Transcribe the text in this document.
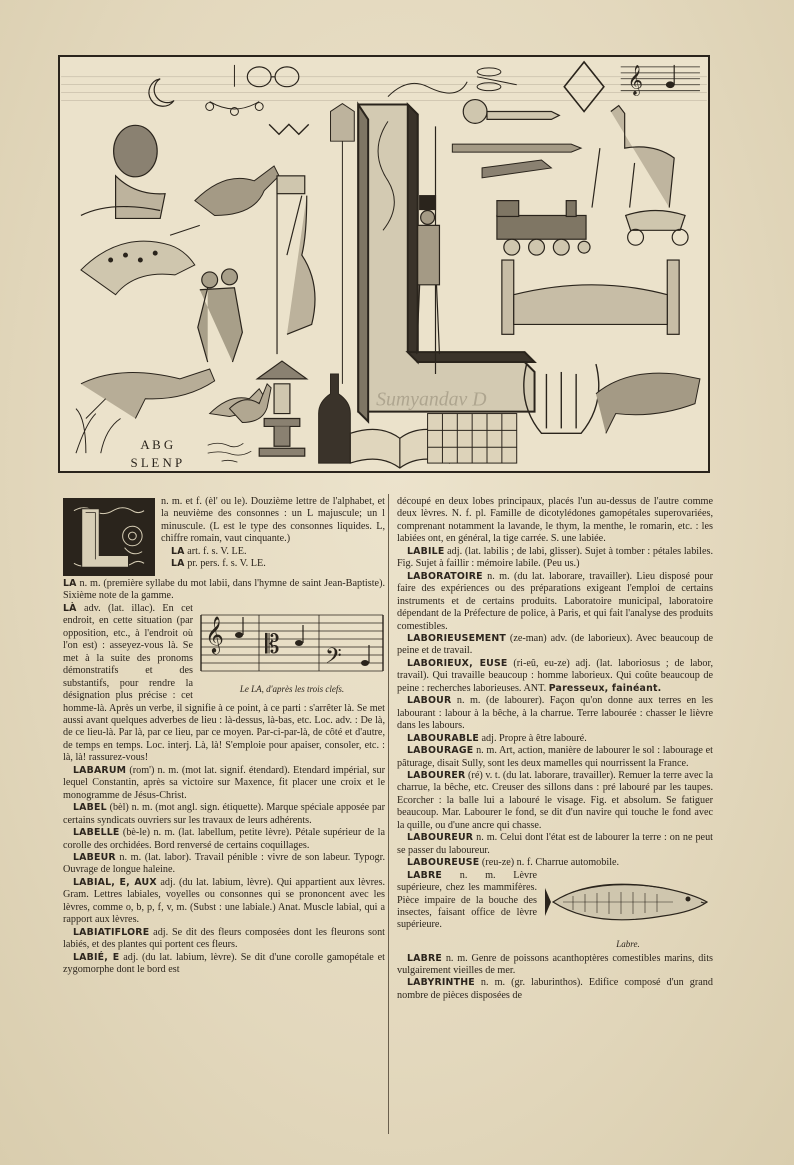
𝄞
A B G
S L E N P
Sumyandav D

n. m. et f. (èl' ou le). Douzième lettre de l'alphabet, et la neuvième des consonnes : un L majuscule; un l minuscule. (L est le type des consonnes liquides. L, chiffre romain, vaut cinquante.)

LA art. f. s. V. LE.

LA pr. pers. f. s. V. LE.

LA n. m. (première syllabe du mot labii, dans l'hymne de saint Jean-Baptiste). Sixième note de la gamme.

𝄞 𝄡 𝄢
Le LA, d'après les trois clefs.

LÀ adv. (lat. illac). En cet endroit, en cette situation (par opposition, etc., à l'endroit où l'on est) : asseyez-vous là. Se met à la suite des pronoms démonstratifs et des substantifs, pour rendre la désignation plus précise : cet homme-là. Après un verbe, il signifie à ce point, à ce parti : s'arrêter là. Se met aussi avant quelques adverbes de lieu : là-dessus, là-bas, etc. Loc. adv. : De là, de ce lieu-là. Par là, par ce lieu, par ce moyen. Par-ci-par-là, de côté et d'autre, de temps en temps. Loc. interj. Là, là! S'emploie pour apaiser, consoler, etc. : là, là! rassurez-vous!

LABARUM (rom') n. m. (mot lat. signif. étendard). Etendard impérial, sur lequel Constantin, après sa victoire sur Maxence, fit placer une croix et le monogramme de Jésus-Christ.

LABEL (bèl) n. m. (mot angl. sign. étiquette). Marque spéciale apposée par certains syndicats ouvriers sur les travaux de leurs adhérents.

LABELLE (bè-le) n. m. (lat. labellum, petite lèvre). Pétale supérieur de la corolle des orchidées. Bord renversé de certains coquillages.

LABEUR n. m. (lat. labor). Travail pénible : vivre de son labeur. Typogr. Ouvrage de longue haleine.

LABIAL, E, AUX adj. (du lat. labium, lèvre). Qui appartient aux lèvres. Gram. Lettres labiales, voyelles ou consonnes qui se prononcent avec les lèvres, comme o, b, p, f, v, m. (Subst : une labiale.) Anat. Muscle labial, qui a rapport aux lèvres.

LABIATIFLORE adj. Se dit des fleurs composées dont les fleurons sont labiés, et des plantes qui portent ces fleurs.

LABIÉ, E adj. (du lat. labium, lèvre). Se dit d'une corolle gamopétale et zygomorphe dont le bord est

découpé en deux lobes principaux, placés l'un au-dessus de l'autre comme deux lèvres. N. f. pl. Famille de dicotylédones gamopétales superovariées, comprenant notamment la lavande, le thym, la menthe, le romarin, etc. : les labiées ont, en général, la tige carrée. S. une labiée.

LABILE adj. (lat. labilis ; de labi, glisser). Sujet à tomber : pétales labiles. Fig. Sujet à faillir : mémoire labile. (Peu us.)

LABORATOIRE n. m. (du lat. laborare, travailler). Lieu disposé pour faire des expériences ou des préparations exigeant l'emploi de certains instruments et de certains produits. Laboratoire municipal, laboratoire dépendant de la Préfecture de police, à Paris, et qui fait l'analyse des produits comestibles.

LABORIEUSEMENT (ze-man) adv. (de laborieux). Avec beaucoup de peine et de travail.

LABORIEUX, EUSE (ri-eû, eu-ze) adj. (lat. laboriosus ; de labor, travail). Qui travaille beaucoup : homme laborieux. Qui coûte beaucoup de peine : recherches laborieuses. ANT. Paresseux, fainéant.

LABOUR n. m. (de labourer). Façon qu'on donne aux terres en les labourant : labour à la bêche, à la charrue. Terre labourée : chasser le lièvre dans les labours.

LABOURABLE adj. Propre à être labouré.

LABOURAGE n. m. Art, action, manière de labourer le sol : labourage et pâturage, disait Sully, sont les deux mamelles qui nourrissent la France.

LABOURER (ré) v. t. (du lat. laborare, travailler). Remuer la terre avec la charrue, la bêche, etc. Creuser des sillons dans : pré labouré par les taupes. Ecorcher : la balle lui a labouré le visage. Fig. et absolum. Se fatiguer beaucoup. Mar. Labourer le fond, se dit d'un navire qui touche le fond avec la quille, ou d'une ancre qui chasse.

LABOUREUR n. m. Celui dont l'état est de labourer la terre : on ne peut se passer du laboureur.

LABOUREUSE (reu-ze) n. f. Charrue automobile.

Labre.

LABRE n. m. Lèvre supérieure, chez les mammifères. Pièce impaire de la bouche des insectes, faisant office de lèvre supérieure.

LABRE n. m. Genre de poissons acanthoptères comestibles marins, dits vulgairement vieilles de mer.

LABYRINTHE n. m. (gr. laburinthos). Edifice composé d'un grand nombre de pièces disposées de
